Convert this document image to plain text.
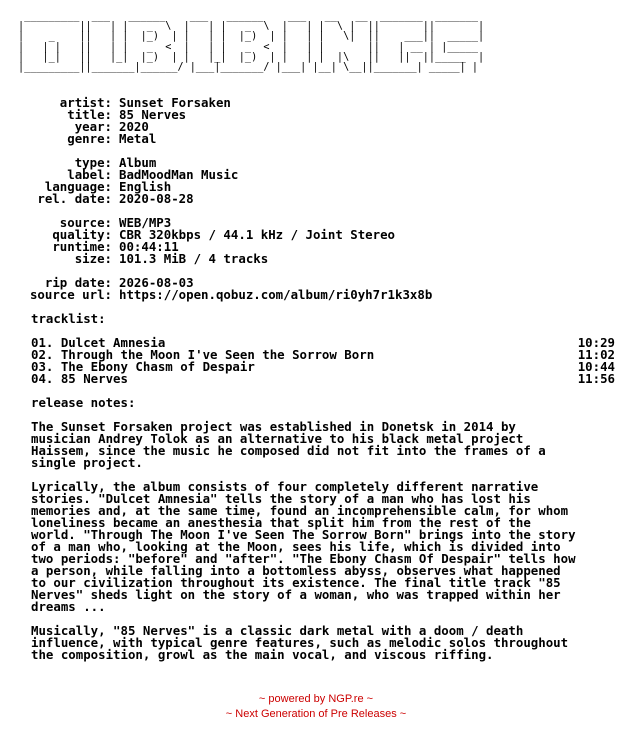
_________  ___   ______    ___   ______    ___   __   __  _______  _______
|         ||   | |   _  \  |   | |   _  \  |   | |  \ |  ||       ||       |
|    _    ||   | |  |_)  | |   | |  |_)  | |   | |   \|  ||    ___||  _____|
|   | |   ||   | |   _  <  |   | |   _  <  |   | |       ||   | __ | |_____
|   |_|   ||   |_|  |_)  | |   |_|  |_)  | |   | |  |\   ||   ||  ||_____  |
|_________||_______|______/ |___|_______/ |___| |__| \__||_______| _____| |

artist: Sunset Forsaken
title: 85 Nerves
year: 2020
genre: Metal
type: Album
label: BadMoodMan Music
language: English
rel. date: 2020-08-28
source: WEB/MP3
quality: CBR 320kbps / 44.1 kHz / Joint Stereo
runtime: 00:44:11
size: 101.3 MiB / 4 tracks
rip date: 2026-08-03
source url: https://open.qobuz.com/album/ri0yh7r1k3x8b
tracklist:
01. Dulcet Amnesia	10:29
02. Through the Moon I've Seen the Sorrow Born	11:02
03. The Ebony Chasm of Despair	10:44
04. 85 Nerves	11:56
release notes:
The Sunset Forsaken project was established in Donetsk in 2014 by
musician Andrey Tolok as an alternative to his black metal project
Haissem, since the music he composed did not fit into the frames of a
single project.
Lyrically, the album consists of four completely different narrative
stories. "Dulcet Amnesia" tells the story of a man who has lost his
memories and, at the same time, found an incomprehensible calm, for whom
loneliness became an anesthesia that split him from the rest of the
world. "Through The Moon I've Seen The Sorrow Born" brings into the story
of a man who, looking at the Moon, sees his life, which is divided into
two periods: "before" and "after". "The Ebony Chasm Of Despair" tells how
a person, while falling into a bottomless abyss, observes what happened
to our civilization throughout its existence. The final title track "85
Nerves" sheds light on the story of a woman, who was trapped within her
dreams ...
Musically, "85 Nerves" is a classic dark metal with a doom / death
influence, with typical genre features, such as melodic solos throughout
the composition, growl as the main vocal, and viscous riffing.
~ powered by NGP.re ~
~ Next Generation of Pre Releases ~
